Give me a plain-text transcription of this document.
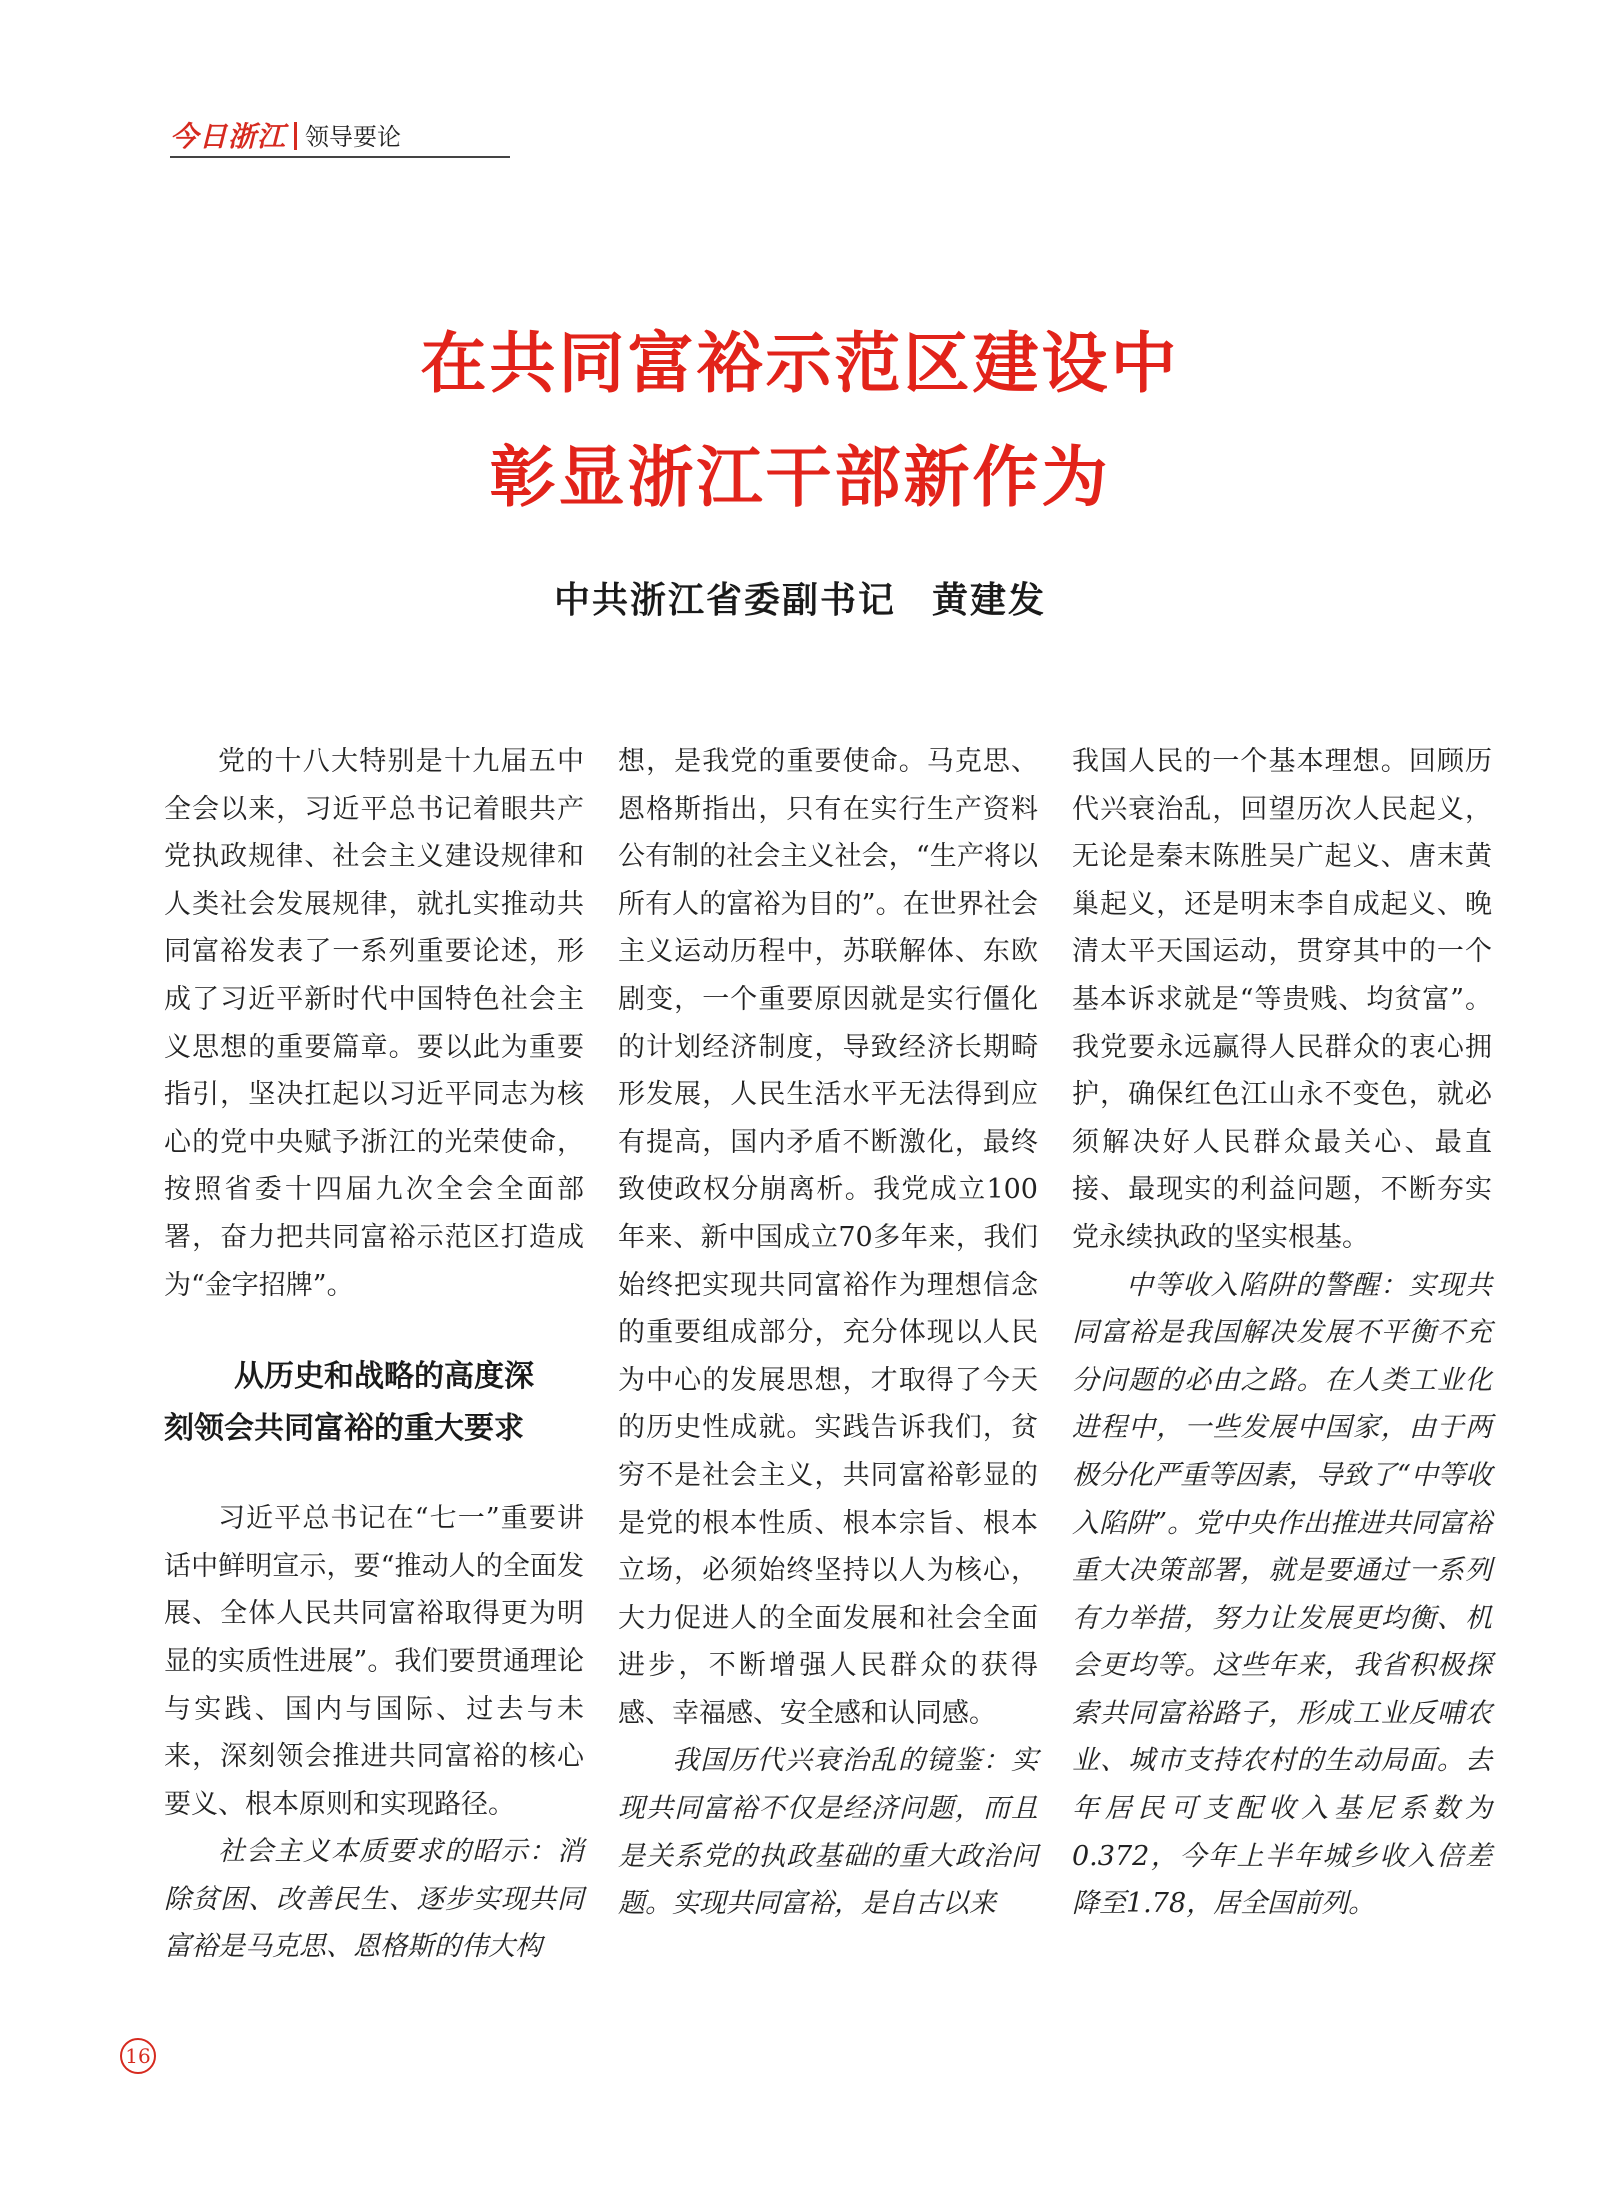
今日浙江 领导要论
在共同富裕示范区建设中
彰显浙江干部新作为
中共浙江省委副书记 黄建发

党的十八大特别是十九届五中全会以来，习近平总书记着眼共产党执政规律、社会主义建设规律和人类社会发展规律，就扎实推动共同富裕发表了一系列重要论述，形成了习近平新时代中国特色社会主义思想的重要篇章。要以此为重要指引，坚决扛起以习近平同志为核心的党中央赋予浙江的光荣使命，按照省委十四届九次全会全面部署，奋力把共同富裕示范区打造成为“金字招牌”。

从历史和战略的高度深
刻领会共同富裕的重大要求

习近平总书记在“七一”重要讲话中鲜明宣示，要“推动人的全面发展、全体人民共同富裕取得更为明显的实质性进展”。我们要贯通理论与实践、国内与国际、过去与未来，深刻领会推进共同富裕的核心要义、根本原则和实现路径。

社会主义本质要求的昭示：消除贫困、改善民生、逐步实现共同富裕是马克思、恩格斯的伟大构

想，是我党的重要使命。马克思、恩格斯指出，只有在实行生产资料公有制的社会主义社会，“生产将以所有人的富裕为目的”。在世界社会主义运动历程中，苏联解体、东欧剧变，一个重要原因就是实行僵化的计划经济制度，导致经济长期畸形发展，人民生活水平无法得到应有提高，国内矛盾不断激化，最终致使政权分崩离析。我党成立100年来、新中国成立70多年来，我们始终把实现共同富裕作为理想信念的重要组成部分，充分体现以人民为中心的发展思想，才取得了今天的历史性成就。实践告诉我们，贫穷不是社会主义，共同富裕彰显的是党的根本性质、根本宗旨、根本立场，必须始终坚持以人为核心，大力促进人的全面发展和社会全面进步，不断增强人民群众的获得感、幸福感、安全感和认同感。

我国历代兴衰治乱的镜鉴：实现共同富裕不仅是经济问题，而且是关系党的执政基础的重大政治问题。实现共同富裕，是自古以来

我国人民的一个基本理想。回顾历代兴衰治乱，回望历次人民起义，无论是秦末陈胜吴广起义、唐末黄巢起义，还是明末李自成起义、晚清太平天国运动，贯穿其中的一个基本诉求就是“等贵贱、均贫富”。我党要永远赢得人民群众的衷心拥护，确保红色江山永不变色，就必须解决好人民群众最关心、最直接、最现实的利益问题，不断夯实党永续执政的坚实根基。

中等收入陷阱的警醒：实现共同富裕是我国解决发展不平衡不充分问题的必由之路。在人类工业化进程中，一些发展中国家，由于两极分化严重等因素，导致了“中等收入陷阱”。党中央作出推进共同富裕重大决策部署，就是要通过一系列有力举措，努力让发展更均衡、机会更均等。这些年来，我省积极探索共同富裕路子，形成工业反哺农业、城市支持农村的生动局面。去年居民可支配收入基尼系数为0.372，今年上半年城乡收入倍差降至1.78，居全国前列。

16
